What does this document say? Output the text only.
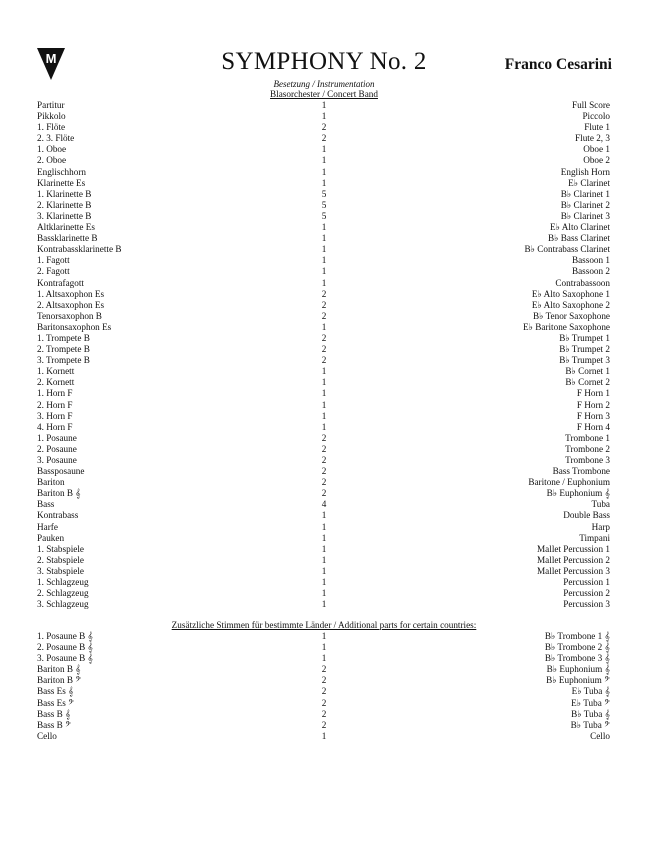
M	SYMPHONY No. 2	Franco Cesarini
Besetzung / Instrumentation
Blasorchester / Concert Band
Partitur	1	Full Score
Pikkolo	1	Piccolo
1. Flöte	2	Flute 1
2. 3. Flöte	2	Flute 2, 3
1. Oboe	1	Oboe 1
2. Oboe	1	Oboe 2
Englischhorn	1	English Horn
Klarinette Es	1	E♭ Clarinet
1. Klarinette B	5	B♭ Clarinet 1
2. Klarinette B	5	B♭ Clarinet 2
3. Klarinette B	5	B♭ Clarinet 3
Altklarinette Es	1	E♭ Alto Clarinet
Bassklarinette B	1	B♭ Bass Clarinet
Kontrabassklarinette B	1	B♭ Contrabass Clarinet
1. Fagott	1	Bassoon 1
2. Fagott	1	Bassoon 2
Kontrafagott	1	Contrabassoon
1. Altsaxophon Es	2	E♭ Alto Saxophone 1
2. Altsaxophon Es	2	E♭ Alto Saxophone 2
Tenorsaxophon B	2	B♭ Tenor Saxophone
Baritonsaxophon Es	1	E♭ Baritone Saxophone
1. Trompete B	2	B♭ Trumpet 1
2. Trompete B	2	B♭ Trumpet 2
3. Trompete B	2	B♭ Trumpet 3
1. Kornett	1	B♭ Cornet 1
2. Kornett	1	B♭ Cornet 2
1. Horn F	1	F Horn 1
2. Horn F	1	F Horn 2
3. Horn F	1	F Horn 3
4. Horn F	1	F Horn 4
1. Posaune	2	Trombone 1
2. Posaune	2	Trombone 2
3. Posaune	2	Trombone 3
Bassposaune	2	Bass Trombone
Bariton	2	Baritone / Euphonium
Bariton B 𝄞	2	B♭ Euphonium 𝄞
Bass	4	Tuba
Kontrabass	1	Double Bass
Harfe	1	Harp
Pauken	1	Timpani
1. Stabspiele	1	Mallet Percussion 1
2. Stabspiele	1	Mallet Percussion 2
3. Stabspiele	1	Mallet Percussion 3
1. Schlagzeug	1	Percussion 1
2. Schlagzeug	1	Percussion 2
3. Schlagzeug	1	Percussion 3
Zusätzliche Stimmen für bestimmte Länder / Additional parts for certain countries:
1. Posaune B 𝄞	1	B♭ Trombone 1 𝄞
2. Posaune B 𝄞	1	B♭ Trombone 2 𝄞
3. Posaune B 𝄞	1	B♭ Trombone 3 𝄞
Bariton B 𝄞	2	B♭ Euphonium 𝄞
Bariton B 𝄢	2	B♭ Euphonium 𝄢
Bass Es 𝄞	2	E♭ Tuba 𝄞
Bass Es 𝄢	2	E♭ Tuba 𝄢
Bass B 𝄞	2	B♭ Tuba 𝄞
Bass B 𝄢	2	B♭ Tuba 𝄢
Cello	1	Cello
